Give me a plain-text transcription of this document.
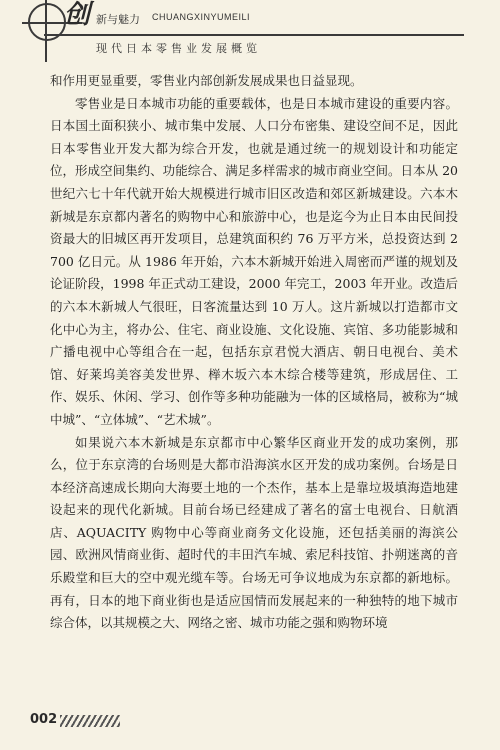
创 新与魅力 CHUANGXINYUMEILI
现代日本零售业发展概览

和作用更显重要，零售业内部创新发展成果也日益显现。

零售业是日本城市功能的重要载体，也是日本城市建设的重要内容。日本国土面积狭小、城市集中发展、人口分布密集、建设空间不足，因此日本零售业开发大都为综合开发，也就是通过统一的规划设计和功能定位，形成空间集约、功能综合、满足多样需求的城市商业空间。日本从 20 世纪六七十年代就开始大规模进行城市旧区改造和郊区新城建设。六本木新城是东京都内著名的购物中心和旅游中心，也是迄今为止日本由民间投资最大的旧城区再开发项目，总建筑面积约 76 万平方米，总投资达到 2 700 亿日元。从 1986 年开始，六本木新城开始进入周密而严谨的规划及论证阶段，1998 年正式动工建设，2000 年完工，2003 年开业。改造后的六本木新城人气很旺，日客流量达到 10 万人。这片新城以打造都市文化中心为主，将办公、住宅、商业设施、文化设施、宾馆、多功能影城和广播电视中心等组合在一起，包括东京君悦大酒店、朝日电视台、美术馆、好莱坞美容美发世界、榉木坂六本木综合楼等建筑，形成居住、工作、娱乐、休闲、学习、创作等多种功能融为一体的区域格局，被称为“城中城”、“立体城”、“艺术城”。

如果说六本木新城是东京都市中心繁华区商业开发的成功案例，那么，位于东京湾的台场则是大都市沿海滨水区开发的成功案例。台场是日本经济高速成长期向大海要土地的一个杰作，基本上是靠垃圾填海造地建设起来的现代化新城。目前台场已经建成了著名的富士电视台、日航酒店、AQUACITY 购物中心等商业商务文化设施，还包括美丽的海滨公园、欧洲风情商业街、超时代的丰田汽车城、索尼科技馆、扑朔迷离的音乐殿堂和巨大的空中观光缆车等。台场无可争议地成为东京都的新地标。再有，日本的地下商业街也是适应国情而发展起来的一种独特的地下城市综合体，以其规模之大、网络之密、城市功能之强和购物环境

002
